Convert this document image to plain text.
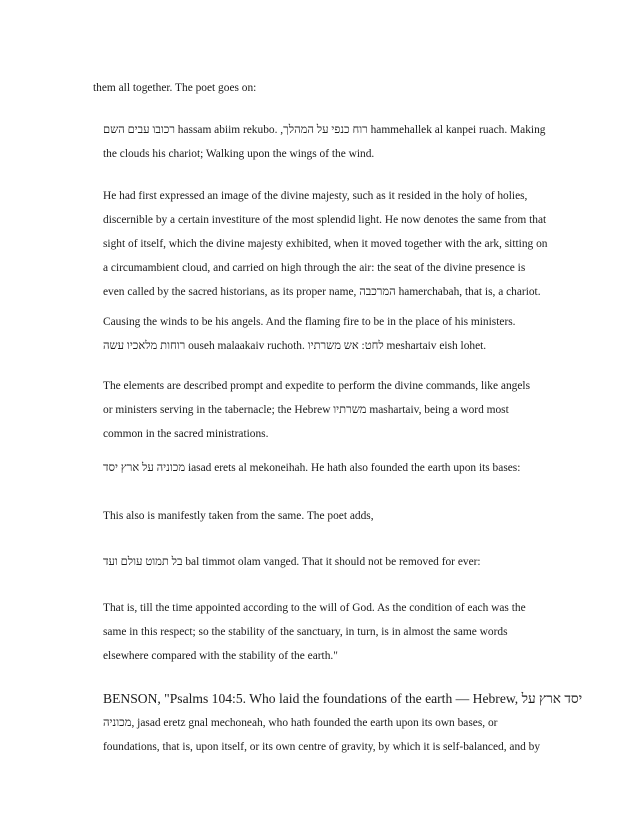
them all together. The poet goes on:

רכובו עבים השם hassam abiim rekubo. ,רוח כנפי על המהלך hammehallek al kanpei ruach. Making
the clouds his chariot; Walking upon the wings of the wind.

He had first expressed an image of the divine majesty, such as it resided in the holy of holies,
discernible by a certain investiture of the most splendid light. He now denotes the same from that
sight of itself, which the divine majesty exhibited, when it moved together with the ark, sitting on
a circumambient cloud, and carried on high through the air: the seat of the divine presence is
even called by the sacred historians, as its proper name, המרכבה hamerchabah, that is, a chariot.

Causing the winds to be his angels. And the flaming fire to be in the place of his ministers.
רוחות מלאכיו עשה ouseh malaakaiv ruchoth. לחט: אש משרתיו meshartaiv eish lohet.

The elements are described prompt and expedite to perform the divine commands, like angels
or ministers serving in the tabernacle; the Hebrew משרתיו mashartaiv, being a word most
common in the sacred ministrations.

מכוניה על ארץ יסד iasad erets al mekoneihah. He hath also founded the earth upon its bases:

This also is manifestly taken from the same. The poet adds,

בל תמוט עולם ועד bal timmot olam vanged. That it should not be removed for ever:

That is, till the time appointed according to the will of God. As the condition of each was the
same in this respect; so the stability of the sanctuary, in turn, is in almost the same words
elsewhere compared with the stability of the earth."

BENSON, "Psalms 104:5. Who laid the foundations of the earth — Hebrew, יסד ארץ על
מכוניה, jasad eretz gnal mechoneah, who hath founded the earth upon its own bases, or
foundations, that is, upon itself, or its own centre of gravity, by which it is self-balanced, and by
